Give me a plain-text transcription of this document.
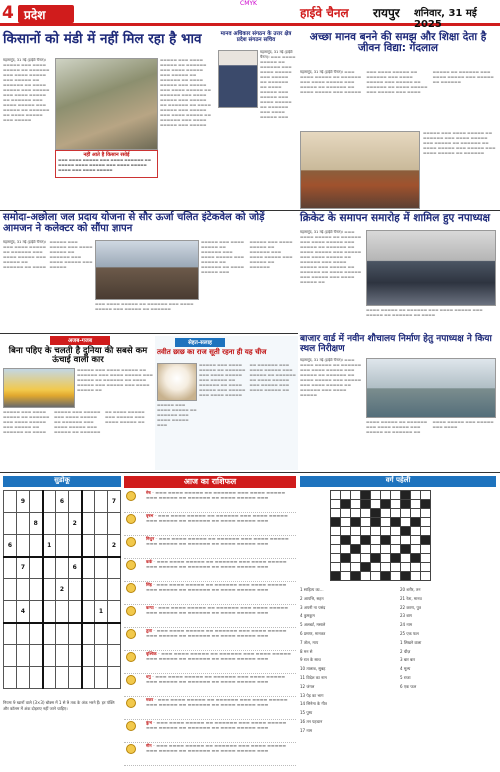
CMYK
4 प्रदेश	हाईवे चैनल रायपुर शनिवार, 31 मई 2025
किसानों को मंडी में नहीं मिल रहा है भाव
महासमुंद, 31 मई (हाईवे चैनल)। ▬▬▬▬▬ ▬▬▬ ▬▬▬▬ ▬▬▬▬▬ ▬▬ ▬▬▬▬▬▬ ▬▬▬ ▬▬▬▬ ▬▬▬▬▬ ▬▬▬ ▬▬▬▬▬ ▬▬ ▬▬▬▬▬▬ ▬▬ ▬▬▬▬ ▬▬▬▬▬ ▬▬▬ ▬▬▬▬▬ ▬▬▬ ▬▬▬▬ ▬▬▬▬▬ ▬▬ ▬▬▬▬▬▬ ▬▬▬ ▬▬▬▬ ▬▬▬▬▬ ▬▬▬ ▬▬▬▬▬ ▬▬ ▬▬▬▬▬▬ ▬▬ ▬▬▬▬ ▬▬▬▬▬ ▬▬▬ ▬▬▬▬▬
नहीं आते है किसान रसोई
▬▬▬ ▬▬▬▬ ▬▬▬▬▬ ▬▬▬ ▬▬▬▬ ▬▬▬▬▬▬ ▬▬ ▬▬▬▬▬ ▬▬▬▬ ▬▬▬▬▬ ▬▬▬ ▬▬▬▬ ▬▬▬▬▬ ▬▬▬▬ ▬▬▬ ▬▬▬▬ ▬▬▬▬▬
▬▬▬▬▬ ▬▬▬ ▬▬▬▬ ▬▬▬▬▬ ▬▬ ▬▬▬▬▬▬ ▬▬▬ ▬▬▬▬ ▬▬▬▬▬ ▬▬▬ ▬▬▬▬▬ ▬▬ ▬▬▬▬▬▬ ▬▬ ▬▬▬▬ ▬▬▬▬▬ ▬▬▬ ▬▬▬▬▬ ▬▬▬ ▬▬▬▬ ▬▬▬▬▬ ▬▬ ▬▬▬▬▬▬ ▬▬▬ ▬▬▬▬ ▬▬▬▬▬ ▬▬▬ ▬▬▬▬▬ ▬▬ ▬▬▬▬▬▬ ▬▬ ▬▬▬▬ ▬▬▬▬▬ ▬▬▬ ▬▬▬▬▬ ▬▬▬ ▬▬▬▬ ▬▬▬▬▬ ▬▬ ▬▬▬▬▬▬ ▬▬▬ ▬▬▬▬ ▬▬▬▬▬ ▬▬▬ ▬▬▬▬▬
मानव अधिकार संगठन के उत्तर क्षेत्र प्रदेश संगठन सचिव
महासमुंद, 31 मई (हाईवे चैनल)। ▬▬▬ ▬▬▬▬ ▬▬▬▬▬ ▬▬ ▬▬▬▬▬▬ ▬▬▬ ▬▬▬▬ ▬▬▬▬▬ ▬▬▬ ▬▬▬▬▬ ▬▬ ▬▬▬▬▬▬ ▬▬ ▬▬▬▬ ▬▬▬▬▬ ▬▬▬ ▬▬▬▬▬ ▬▬▬ ▬▬▬▬ ▬▬▬▬▬ ▬▬ ▬▬▬▬▬▬ ▬▬▬ ▬▬▬▬ ▬▬▬▬▬ ▬▬▬
अच्छा मानव बनने की समझ और शिक्षा देता है जीवन विद्या: गेंदलाल
महासमुंद, 31 मई (हाईवे चैनल)। ▬▬▬ ▬▬▬▬ ▬▬▬▬▬ ▬▬ ▬▬▬▬▬▬ ▬▬▬ ▬▬▬▬ ▬▬▬▬▬ ▬▬▬ ▬▬▬▬▬ ▬▬ ▬▬▬▬▬▬ ▬▬ ▬▬▬▬ ▬▬▬▬▬ ▬▬▬ ▬▬▬▬▬ ▬▬▬ ▬▬▬▬ ▬▬▬▬▬ ▬▬ ▬▬▬▬▬▬ ▬▬▬ ▬▬▬▬ ▬▬▬▬▬ ▬▬▬ ▬▬▬▬▬ ▬▬ ▬▬▬▬▬▬ ▬▬ ▬▬▬▬ ▬▬▬▬▬ ▬▬▬ ▬▬▬▬▬ ▬▬▬ ▬▬▬▬ ▬▬▬▬▬ ▬▬ ▬▬▬▬▬▬ ▬▬▬ ▬▬▬▬ ▬▬▬▬▬ ▬▬▬ ▬▬▬▬▬ ▬▬ ▬▬▬▬▬▬
▬▬▬▬▬ ▬▬▬ ▬▬▬▬ ▬▬▬▬▬ ▬▬ ▬▬▬▬▬▬ ▬▬▬ ▬▬▬▬ ▬▬▬▬▬ ▬▬▬ ▬▬▬▬▬ ▬▬ ▬▬▬▬▬▬ ▬▬ ▬▬▬▬ ▬▬▬▬▬ ▬▬▬ ▬▬▬▬▬ ▬▬▬ ▬▬▬▬ ▬▬▬▬▬ ▬▬ ▬▬▬▬▬▬
समोदा-अछोला जल प्रदाय योजना से सौर ऊर्जा चलित इंटेकवेल को जोड़ें आमजन ने कलेक्टर को सौंपा ज्ञापन
महासमुंद, 31 मई (हाईवे चैनल)। ▬▬▬ ▬▬▬▬ ▬▬▬▬▬ ▬▬ ▬▬▬▬▬▬ ▬▬▬ ▬▬▬▬ ▬▬▬▬▬ ▬▬▬ ▬▬▬▬▬ ▬▬ ▬▬▬▬▬▬ ▬▬ ▬▬▬▬ ▬▬▬▬▬ ▬▬▬ ▬▬▬▬▬ ▬▬▬ ▬▬▬▬ ▬▬▬▬▬ ▬▬ ▬▬▬▬▬▬ ▬▬▬ ▬▬▬▬ ▬▬▬▬▬ ▬▬▬ ▬▬▬▬▬
▬▬▬▬▬ ▬▬▬ ▬▬▬▬ ▬▬▬▬▬ ▬▬ ▬▬▬▬▬▬ ▬▬▬ ▬▬▬▬ ▬▬▬▬▬ ▬▬▬ ▬▬▬▬▬ ▬▬ ▬▬▬▬▬▬ ▬▬ ▬▬▬▬ ▬▬▬▬▬ ▬▬▬ ▬▬▬▬▬ ▬▬▬ ▬▬▬▬ ▬▬▬▬▬ ▬▬ ▬▬▬▬▬▬ ▬▬▬ ▬▬▬▬ ▬▬▬▬▬ ▬▬▬ ▬▬▬▬▬ ▬▬ ▬▬▬▬▬▬
▬▬▬ ▬▬▬▬ ▬▬▬▬▬ ▬▬ ▬▬▬▬▬▬ ▬▬▬ ▬▬▬▬ ▬▬▬▬▬ ▬▬▬ ▬▬▬▬▬ ▬▬ ▬▬▬▬▬▬
क्रिकेट के समापन समारोह में शामिल हुए नपाध्यक्ष
महासमुंद, 31 मई (हाईवे चैनल)। ▬▬▬ ▬▬▬▬ ▬▬▬▬▬ ▬▬ ▬▬▬▬▬▬ ▬▬▬ ▬▬▬▬ ▬▬▬▬▬ ▬▬▬ ▬▬▬▬▬ ▬▬ ▬▬▬▬▬▬ ▬▬ ▬▬▬▬ ▬▬▬▬▬ ▬▬▬ ▬▬▬▬▬ ▬▬▬ ▬▬▬▬ ▬▬▬▬▬ ▬▬ ▬▬▬▬▬▬ ▬▬▬ ▬▬▬▬ ▬▬▬▬▬ ▬▬▬ ▬▬▬▬▬ ▬▬ ▬▬▬▬▬▬ ▬▬ ▬▬▬▬ ▬▬▬▬▬ ▬▬▬ ▬▬▬▬▬ ▬▬▬ ▬▬▬▬ ▬▬▬▬▬ ▬▬
▬▬▬▬ ▬▬▬▬▬ ▬▬ ▬▬▬▬▬▬ ▬▬▬ ▬▬▬▬ ▬▬▬▬▬ ▬▬▬ ▬▬▬▬▬ ▬▬ ▬▬▬▬▬▬ ▬▬ ▬▬▬▬
अजब-गजब
बिना पहिए के चलती है दुनिया की सबसे कम ऊंचाई वाली कार
▬▬▬▬▬ ▬▬▬ ▬▬▬▬ ▬▬▬▬▬ ▬▬ ▬▬▬▬▬▬ ▬▬▬ ▬▬▬▬ ▬▬▬▬▬ ▬▬▬ ▬▬▬▬▬ ▬▬ ▬▬▬▬▬▬ ▬▬ ▬▬▬▬ ▬▬▬▬▬ ▬▬▬ ▬▬▬▬▬ ▬▬▬ ▬▬▬▬ ▬▬▬▬▬ ▬▬
▬▬▬▬▬ ▬▬▬ ▬▬▬▬ ▬▬▬▬▬ ▬▬ ▬▬▬▬▬▬ ▬▬▬ ▬▬▬▬ ▬▬▬▬▬ ▬▬▬ ▬▬▬▬▬ ▬▬ ▬▬▬▬▬▬ ▬▬ ▬▬▬▬ ▬▬▬▬▬ ▬▬▬ ▬▬▬▬▬ ▬▬▬ ▬▬▬▬ ▬▬▬▬▬ ▬▬ ▬▬▬▬▬▬ ▬▬▬ ▬▬▬▬ ▬▬▬▬▬ ▬▬▬ ▬▬▬▬▬ ▬▬ ▬▬▬▬▬▬ ▬▬ ▬▬▬▬ ▬▬▬▬▬ ▬▬▬ ▬▬▬▬▬ ▬▬▬ ▬▬▬▬ ▬▬▬▬▬ ▬▬
सेहत-सलाह
तवीत छाछ का राज सूती रहना ही यह चीज
▬▬▬▬▬ ▬▬▬ ▬▬▬▬ ▬▬▬▬▬ ▬▬ ▬▬▬▬▬▬ ▬▬▬ ▬▬▬▬ ▬▬▬▬▬ ▬▬▬ ▬▬▬▬▬ ▬▬ ▬▬▬▬▬▬ ▬▬ ▬▬▬▬ ▬▬▬▬▬ ▬▬▬ ▬▬▬▬▬ ▬▬▬ ▬▬▬▬ ▬▬▬▬▬ ▬▬ ▬▬▬▬▬▬ ▬▬▬ ▬▬▬▬ ▬▬▬▬▬ ▬▬▬ ▬▬▬▬▬ ▬▬ ▬▬▬▬▬▬ ▬▬ ▬▬▬▬ ▬▬▬▬▬ ▬▬▬ ▬▬▬▬▬ ▬▬▬ ▬▬▬▬ ▬▬▬▬▬ ▬▬
▬▬▬▬▬ ▬▬▬ ▬▬▬▬ ▬▬▬▬▬ ▬▬ ▬▬▬▬▬▬ ▬▬▬ ▬▬▬▬ ▬▬▬▬▬ ▬▬▬
बाजार वार्ड में नवीन शौचालय निर्माण हेतु नपाध्यक्ष ने किया स्थल निरीक्षण
महासमुंद, 31 मई (हाईवे चैनल)। ▬▬▬ ▬▬▬▬ ▬▬▬▬▬ ▬▬ ▬▬▬▬▬▬ ▬▬▬ ▬▬▬▬ ▬▬▬▬▬ ▬▬▬ ▬▬▬▬▬ ▬▬ ▬▬▬▬▬▬ ▬▬ ▬▬▬▬ ▬▬▬▬▬ ▬▬▬ ▬▬▬▬▬ ▬▬▬ ▬▬▬▬ ▬▬▬▬▬ ▬▬ ▬▬▬▬▬▬ ▬▬▬ ▬▬▬▬ ▬▬▬▬▬
▬▬▬▬ ▬▬▬▬▬ ▬▬ ▬▬▬▬▬▬ ▬▬▬ ▬▬▬▬ ▬▬▬▬▬ ▬▬▬ ▬▬▬▬▬ ▬▬ ▬▬▬▬▬▬ ▬▬ ▬▬▬▬ ▬▬▬▬▬ ▬▬▬ ▬▬▬▬▬ ▬▬▬ ▬▬▬▬
वर्ग पहेली

1 साहित्य का…
2 आपत्ति, सहन
3 अपनी ना पसंद
4 कुमकुम
5 अलबर्ट, मसाले
6 प्रमाण, मानकर
7 तोल, माप
8 मन से
9 रात के साथ
10 तालाब, सुबह
11 विदेश का नाम
12 जंगल
13 पेड़ का भाग
14 सिनेमा के गीत
15 पुष्प
16 तन पहचान
17 नाम
20 शरीर, तन
21 रेता, मानव
22 करण, पुत्र
23 बाग
24 नाम
25 एक फल
1 लिखने वाला
2 चीज़
3 बार बार
4 मूल्य
5 राजा
6 एक फल
सुडोकू
	9			6				7
		8			2			
6			1					2
	7				6			
				2				
	4						1	

नियमः 9 खानों वाले (3×3) बॉक्स में 1 से 9 तक के अंक भरने हैं। हर पंक्ति और कॉलम में अंक दोहराए नहीं जाने चाहिए।
आज का राशिफल
मेष – ▬▬▬ ▬▬▬▬ ▬▬▬▬▬ ▬▬ ▬▬▬▬▬▬ ▬▬▬ ▬▬▬▬ ▬▬▬▬▬ ▬▬▬ ▬▬▬▬▬ ▬▬ ▬▬▬▬▬▬ ▬▬ ▬▬▬▬ ▬▬▬▬▬ ▬▬▬
वृषभ – ▬▬▬ ▬▬▬▬ ▬▬▬▬▬ ▬▬ ▬▬▬▬▬▬ ▬▬▬ ▬▬▬▬ ▬▬▬▬▬ ▬▬▬ ▬▬▬▬▬ ▬▬ ▬▬▬▬▬▬ ▬▬ ▬▬▬▬ ▬▬▬▬▬ ▬▬▬
मिथुन – ▬▬▬ ▬▬▬▬ ▬▬▬▬▬ ▬▬ ▬▬▬▬▬▬ ▬▬▬ ▬▬▬▬ ▬▬▬▬▬ ▬▬▬ ▬▬▬▬▬ ▬▬ ▬▬▬▬▬▬ ▬▬ ▬▬▬▬ ▬▬▬▬▬ ▬▬▬
कर्क – ▬▬▬ ▬▬▬▬ ▬▬▬▬▬ ▬▬ ▬▬▬▬▬▬ ▬▬▬ ▬▬▬▬ ▬▬▬▬▬ ▬▬▬ ▬▬▬▬▬ ▬▬ ▬▬▬▬▬▬ ▬▬ ▬▬▬▬ ▬▬▬▬▬ ▬▬▬
सिंह – ▬▬▬ ▬▬▬▬ ▬▬▬▬▬ ▬▬ ▬▬▬▬▬▬ ▬▬▬ ▬▬▬▬ ▬▬▬▬▬ ▬▬▬ ▬▬▬▬▬ ▬▬ ▬▬▬▬▬▬ ▬▬ ▬▬▬▬ ▬▬▬▬▬ ▬▬▬
कन्या – ▬▬▬ ▬▬▬▬ ▬▬▬▬▬ ▬▬ ▬▬▬▬▬▬ ▬▬▬ ▬▬▬▬ ▬▬▬▬▬ ▬▬▬ ▬▬▬▬▬ ▬▬ ▬▬▬▬▬▬ ▬▬ ▬▬▬▬ ▬▬▬▬▬ ▬▬▬
तुला – ▬▬▬ ▬▬▬▬ ▬▬▬▬▬ ▬▬ ▬▬▬▬▬▬ ▬▬▬ ▬▬▬▬ ▬▬▬▬▬ ▬▬▬ ▬▬▬▬▬ ▬▬ ▬▬▬▬▬▬ ▬▬ ▬▬▬▬ ▬▬▬▬▬ ▬▬▬
वृश्चिक – ▬▬▬ ▬▬▬▬ ▬▬▬▬▬ ▬▬ ▬▬▬▬▬▬ ▬▬▬ ▬▬▬▬ ▬▬▬▬▬ ▬▬▬ ▬▬▬▬▬ ▬▬ ▬▬▬▬▬▬ ▬▬ ▬▬▬▬ ▬▬▬▬▬ ▬▬▬
धनु – ▬▬▬ ▬▬▬▬ ▬▬▬▬▬ ▬▬ ▬▬▬▬▬▬ ▬▬▬ ▬▬▬▬ ▬▬▬▬▬ ▬▬▬ ▬▬▬▬▬ ▬▬ ▬▬▬▬▬▬ ▬▬ ▬▬▬▬ ▬▬▬▬▬ ▬▬▬
मकर – ▬▬▬ ▬▬▬▬ ▬▬▬▬▬ ▬▬ ▬▬▬▬▬▬ ▬▬▬ ▬▬▬▬ ▬▬▬▬▬ ▬▬▬ ▬▬▬▬▬ ▬▬ ▬▬▬▬▬▬ ▬▬ ▬▬▬▬ ▬▬▬▬▬ ▬▬▬
कुंभ – ▬▬▬ ▬▬▬▬ ▬▬▬▬▬ ▬▬ ▬▬▬▬▬▬ ▬▬▬ ▬▬▬▬ ▬▬▬▬▬ ▬▬▬ ▬▬▬▬▬ ▬▬ ▬▬▬▬▬▬ ▬▬ ▬▬▬▬ ▬▬▬▬▬ ▬▬▬
मीन – ▬▬▬ ▬▬▬▬ ▬▬▬▬▬ ▬▬ ▬▬▬▬▬▬ ▬▬▬ ▬▬▬▬ ▬▬▬▬▬ ▬▬▬ ▬▬▬▬▬ ▬▬ ▬▬▬▬▬▬ ▬▬ ▬▬▬▬ ▬▬▬▬▬ ▬▬▬
